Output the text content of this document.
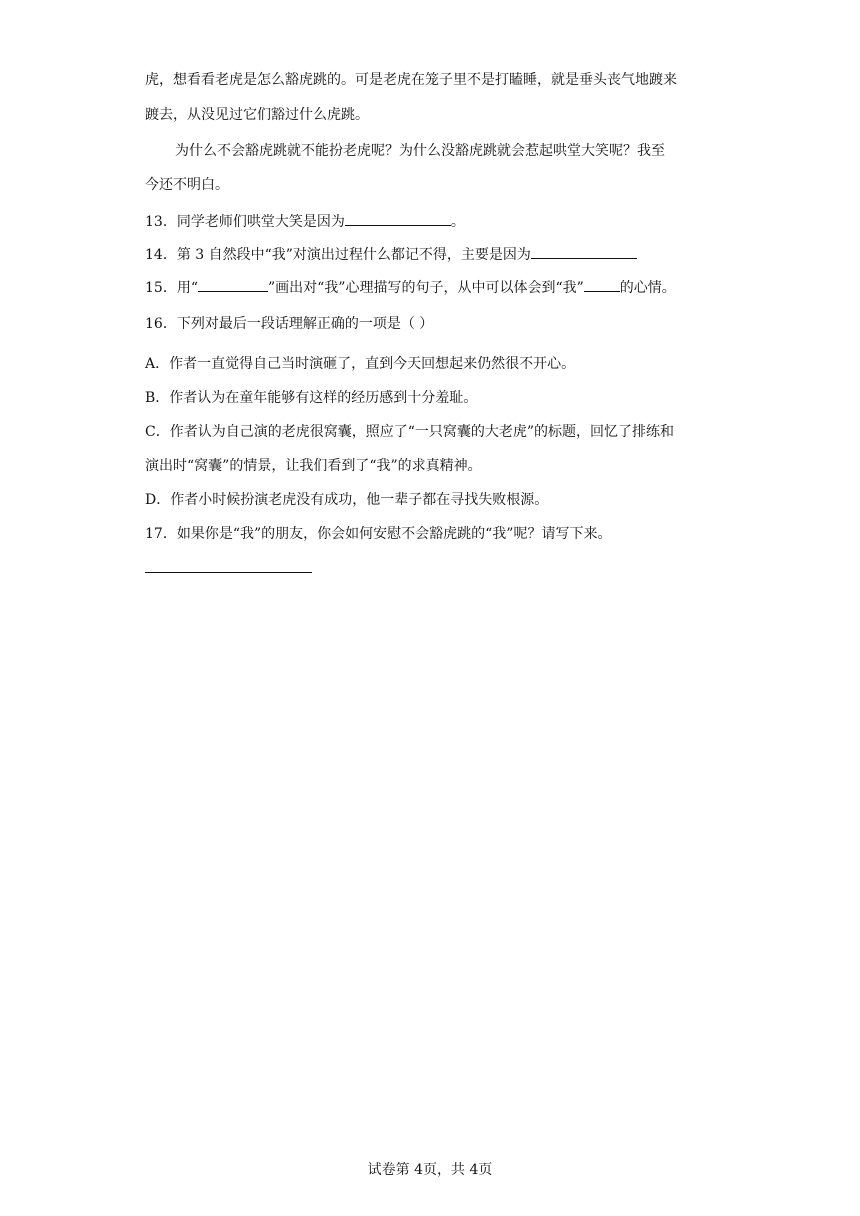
虎，想看看老虎是怎么豁虎跳的。可是老虎在笼子里不是打瞌睡，就是垂头丧气地踱来
踱去，从没见过它们豁过什么虎跳。
为什么不会豁虎跳就不能扮老虎呢？为什么没豁虎跳就会惹起哄堂大笑呢？我至
今还不明白。
13．同学老师们哄堂大笑是因为	。
14．第 3 自然段中“我”对演出过程什么都记不得，主要是因为
15．用“	”画出对“我”心理描写的句子，从中可以体会到“我”	的心情。
16．下列对最后一段话理解正确的一项是（ ）
A．作者一直觉得自己当时演砸了，直到今天回想起来仍然很不开心。
B．作者认为在童年能够有这样的经历感到十分羞耻。
C．作者认为自己演的老虎很窝囊，照应了“一只窝囊的大老虎”的标题，回忆了排练和
演出时“窝囊”的情景，让我们看到了“我”的求真精神。
D．作者小时候扮演老虎没有成功，他一辈子都在寻找失败根源。
17．如果你是“我”的朋友，你会如何安慰不会豁虎跳的“我”呢？请写下来。
试卷第 4页，共 4页
